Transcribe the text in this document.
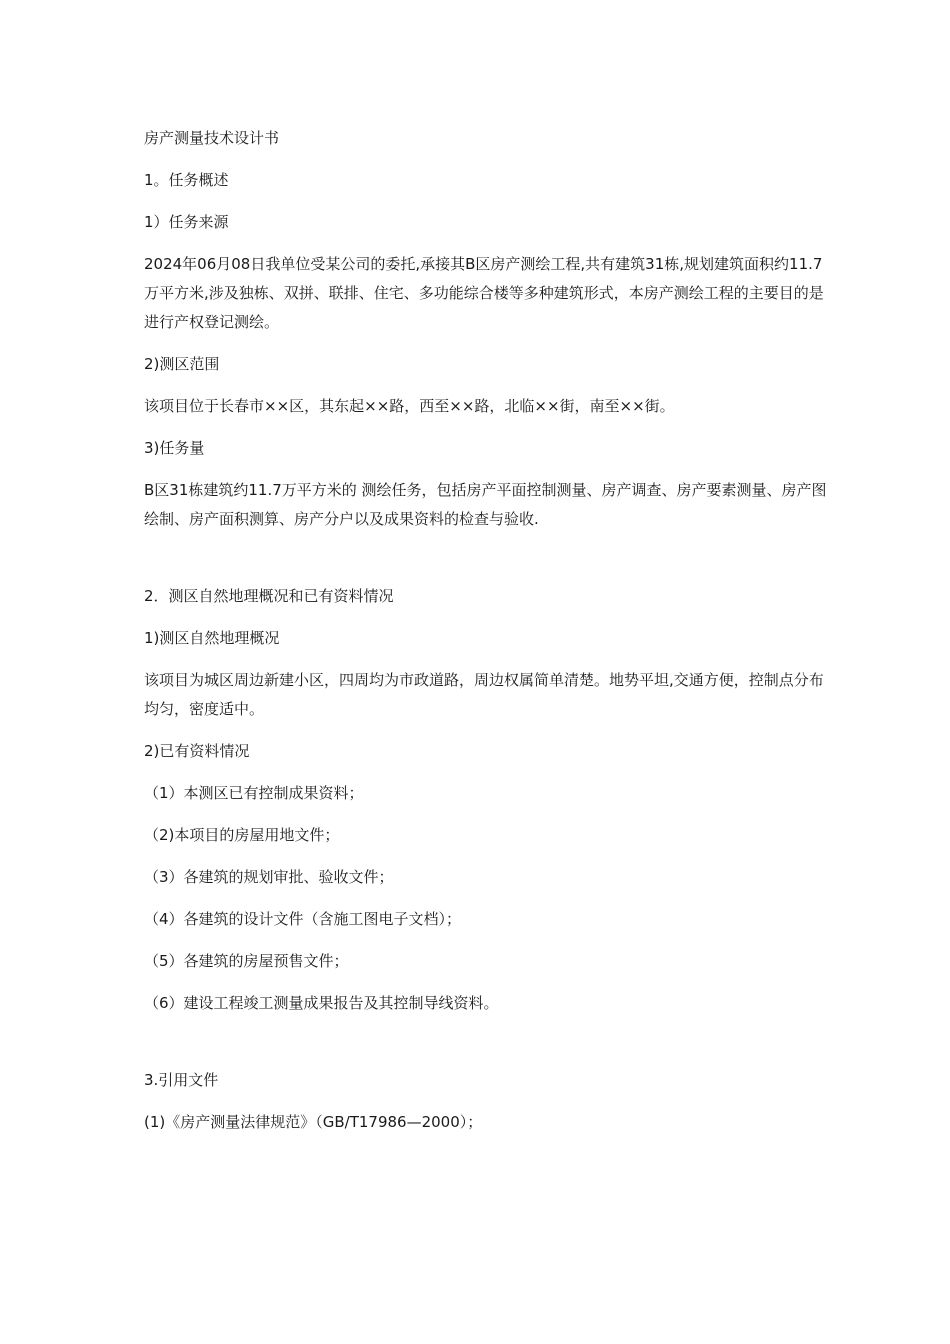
房产测量技术设计书

1。任务概述

1）任务来源

2024年06月08日我单位受某公司的委托,承接其B区房产测绘工程,共有建筑31栋,规划建筑面积约11.7万平方米,涉及独栋、双拼、联排、住宅、多功能综合楼等多种建筑形式，本房产测绘工程的主要目的是进行产权登记测绘。

2)测区范围

该项目位于长春市××区，其东起××路，西至××路，北临××街，南至××街。

3)任务量

B区31栋建筑约11.7万平方米的 测绘任务，包括房产平面控制测量、房产调查、房产要素测量、房产图绘制、房产面积测算、房产分户以及成果资料的检查与验收.

2．测区自然地理概况和已有资料情况

1)测区自然地理概况

该项目为城区周边新建小区，四周均为市政道路，周边权属简单清楚。地势平坦,交通方便，控制点分布均匀，密度适中。

2)已有资料情况

（1）本测区已有控制成果资料；

（2)本项目的房屋用地文件；

（3）各建筑的规划审批、验收文件；

（4）各建筑的设计文件（含施工图电子文档）；

（5）各建筑的房屋预售文件；

（6）建设工程竣工测量成果报告及其控制导线资料。

3.引用文件

(1)《房产测量法律规范》（GB/T17986—2000）；
